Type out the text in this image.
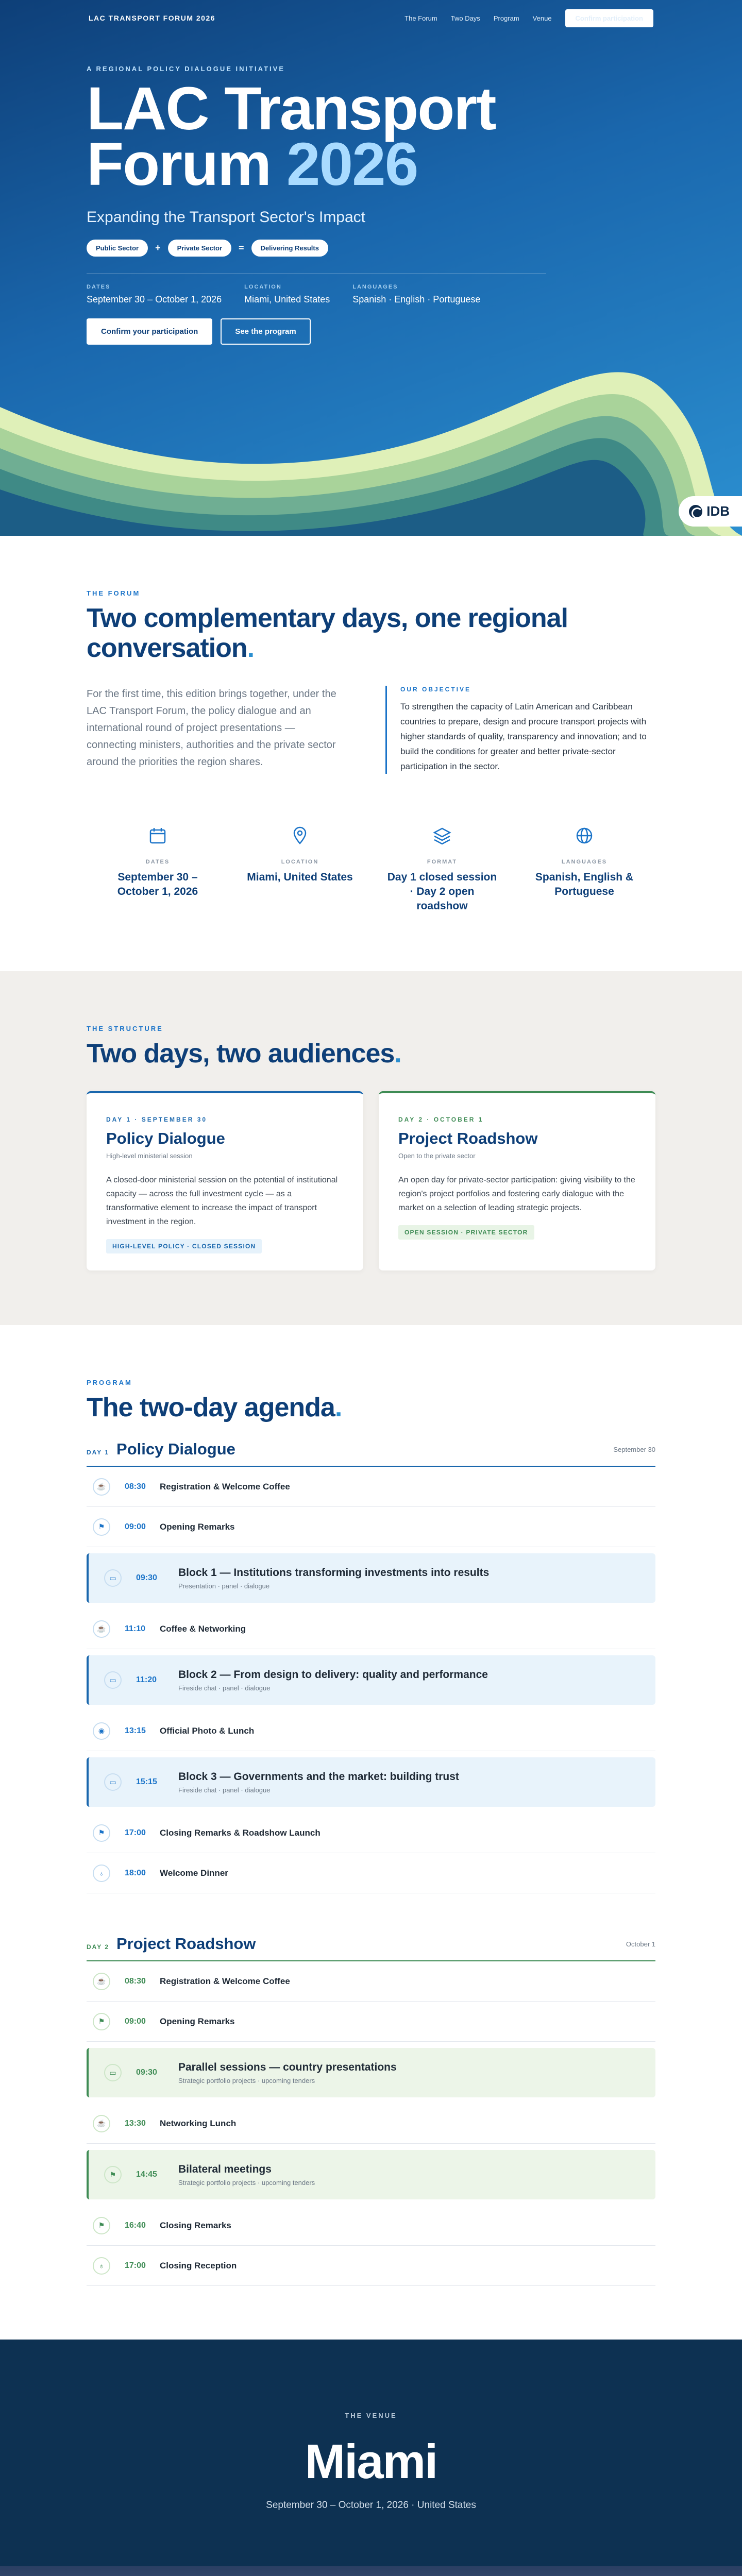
LAC TRANSPORT FORUM 2026	The Forum Two Days Program Venue	Confirm participation
A REGIONAL POLICY DIALOGUE INITIATIVE
LAC Transport
Forum 2026
Expanding the Transport Sector's Impact
Public Sector	+	Private Sector	=	Delivering Results
DATES
September 30 – October 1, 2026
LOCATION
Miami, United States
LANGUAGES
Spanish · English · Portuguese
Confirm your participation	See the program
IDB
THE FORUM
Two complementary days, one regional conversation.

For the first time, this edition brings together, under the LAC Transport Forum, the policy dialogue and an international round of project presentations — connecting ministers, authorities and the private sector around the priorities the region shares.

OUR OBJECTIVE

To strengthen the capacity of Latin American and Caribbean countries to prepare, design and procure transport projects with higher standards of quality, transparency and innovation; and to build the conditions for greater and better private-sector participation in the sector.

DATES
September 30 – October 1, 2026
LOCATION
Miami, United States
FORMAT
Day 1 closed session · Day 2 open roadshow
LANGUAGES
Spanish, English & Portuguese
THE STRUCTURE
Two days, two audiences.
DAY 1 · SEPTEMBER 30
Policy Dialogue
High-level ministerial session

A closed-door ministerial session on the potential of institutional capacity — across the full investment cycle — as a transformative element to increase the impact of transport investment in the region.

HIGH-LEVEL POLICY · CLOSED SESSION
DAY 2 · OCTOBER 1
Project Roadshow
Open to the private sector

An open day for private-sector participation: giving visibility to the region's project portfolios and fostering early dialogue with the market on a selection of leading strategic projects.

OPEN SESSION · PRIVATE SECTOR
PROGRAM
The two-day agenda.
DAY 1 Policy Dialogue	September 30
☕	08:30	Registration & Welcome Coffee
⚑	09:00	Opening Remarks
▭	09:30	Block 1 — Institutions transforming investments into results
Presentation · panel · dialogue
☕	11:10	Coffee & Networking
▭	11:20	Block 2 — From design to delivery: quality and performance
Fireside chat · panel · dialogue
◉	13:15	Official Photo & Lunch
▭	15:15	Block 3 — Governments and the market: building trust
Fireside chat · panel · dialogue
⚑	17:00	Closing Remarks & Roadshow Launch
♁	18:00	Welcome Dinner
DAY 2 Project Roadshow	October 1
☕	08:30	Registration & Welcome Coffee
⚑	09:00	Opening Remarks
▭	09:30	Parallel sessions — country presentations
Strategic portfolio projects · upcoming tenders
☕	13:30	Networking Lunch
⚑	14:45	Bilateral meetings
Strategic portfolio projects · upcoming tenders
⚑	16:40	Closing Remarks
♁	17:00	Closing Reception
THE VENUE
Miami
September 30 – October 1, 2026 · United States
